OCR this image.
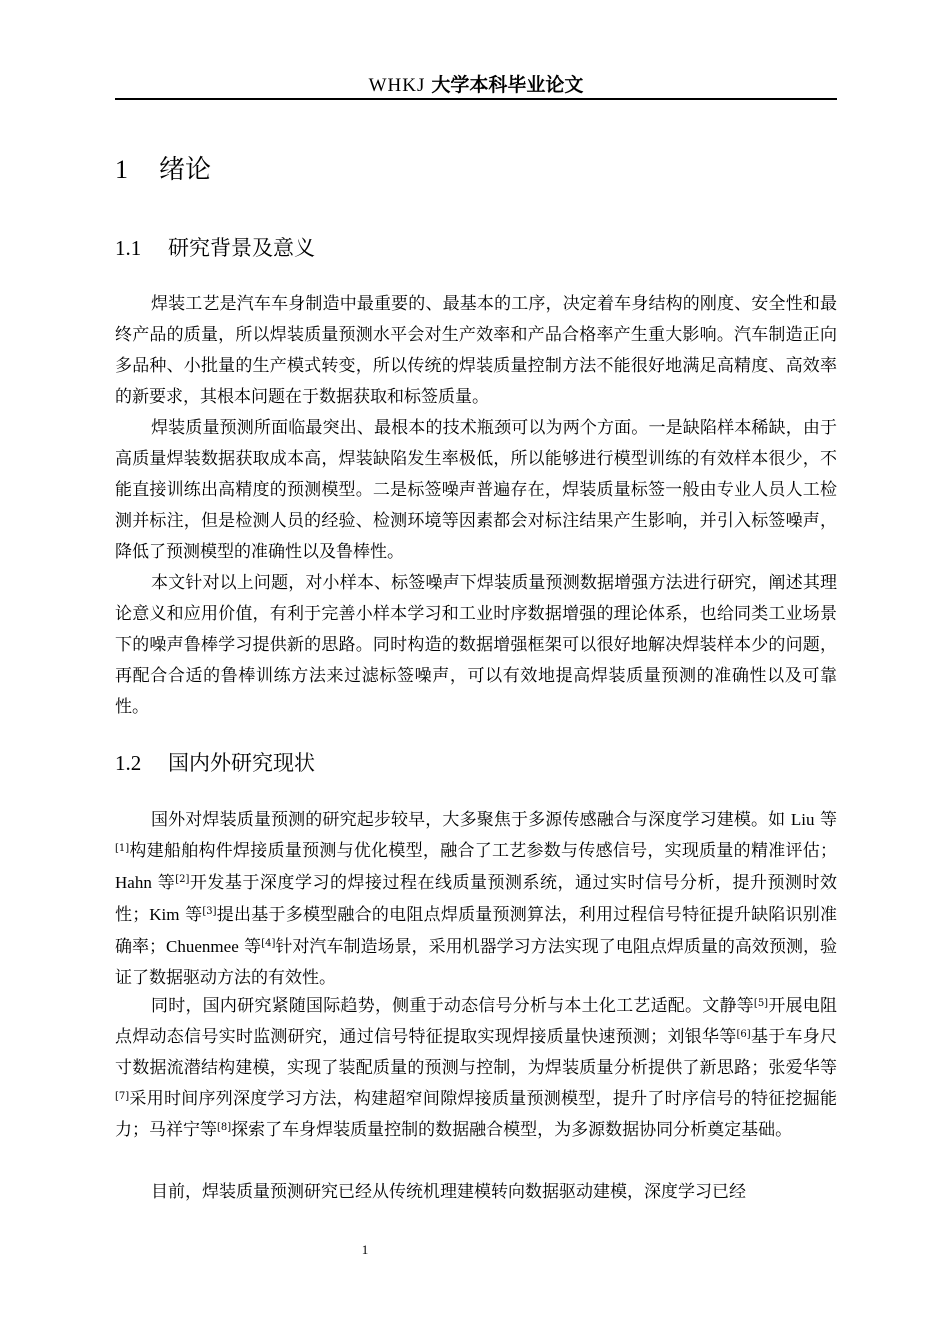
WHKJ 大学本科毕业论文
1 绪论
1.1 研究背景及意义

焊装工艺是汽车车身制造中最重要的、最基本的工序，决定着车身结构的刚度、安全性和最终产品的质量，所以焊装质量预测水平会对生产效率和产品合格率产生重大影响。汽车制造正向多品种、小批量的生产模式转变，所以传统的焊装质量控制方法不能很好地满足高精度、高效率的新要求，其根本问题在于数据获取和标签质量。

焊装质量预测所面临最突出、最根本的技术瓶颈可以为两个方面。一是缺陷样本稀缺，由于高质量焊装数据获取成本高，焊装缺陷发生率极低，所以能够进行模型训练的有效样本很少，不能直接训练出高精度的预测模型。二是标签噪声普遍存在，焊装质量标签一般由专业人员人工检测并标注，但是检测人员的经验、检测环境等因素都会对标注结果产生影响，并引入标签噪声，降低了预测模型的准确性以及鲁棒性。

本文针对以上问题，对小样本、标签噪声下焊装质量预测数据增强方法进行研究，阐述其理论意义和应用价值，有利于完善小样本学习和工业时序数据增强的理论体系，也给同类工业场景下的噪声鲁棒学习提供新的思路。同时构造的数据增强框架可以很好地解决焊装样本少的问题，再配合合适的鲁棒训练方法来过滤标签噪声，可以有效地提高焊装质量预测的准确性以及可靠性。

1.2 国内外研究现状

国外对焊装质量预测的研究起步较早，大多聚焦于多源传感融合与深度学习建模。如 Liu 等[1]构建船舶构件焊接质量预测与优化模型，融合了工艺参数与传感信号，实现质量的精准评估；Hahn 等[2]开发基于深度学习的焊接过程在线质量预测系统，通过实时信号分析，提升预测时效性；Kim 等[3]提出基于多模型融合的电阻点焊质量预测算法，利用过程信号特征提升缺陷识别准确率；Chuenmee 等[4]针对汽车制造场景，采用机器学习方法实现了电阻点焊质量的高效预测，验证了数据驱动方法的有效性。

同时，国内研究紧随国际趋势，侧重于动态信号分析与本土化工艺适配。文静等[5]开展电阻点焊动态信号实时监测研究，通过信号特征提取实现焊接质量快速预测；刘银华等[6]基于车身尺寸数据流潜结构建模，实现了装配质量的预测与控制，为焊装质量分析提供了新思路；张爱华等[7]采用时间序列深度学习方法，构建超窄间隙焊接质量预测模型，提升了时序信号的特征挖掘能力；马祥宁等[8]探索了车身焊装质量控制的数据融合模型，为多源数据协同分析奠定基础。

目前，焊装质量预测研究已经从传统机理建模转向数据驱动建模，深度学习已经

1
